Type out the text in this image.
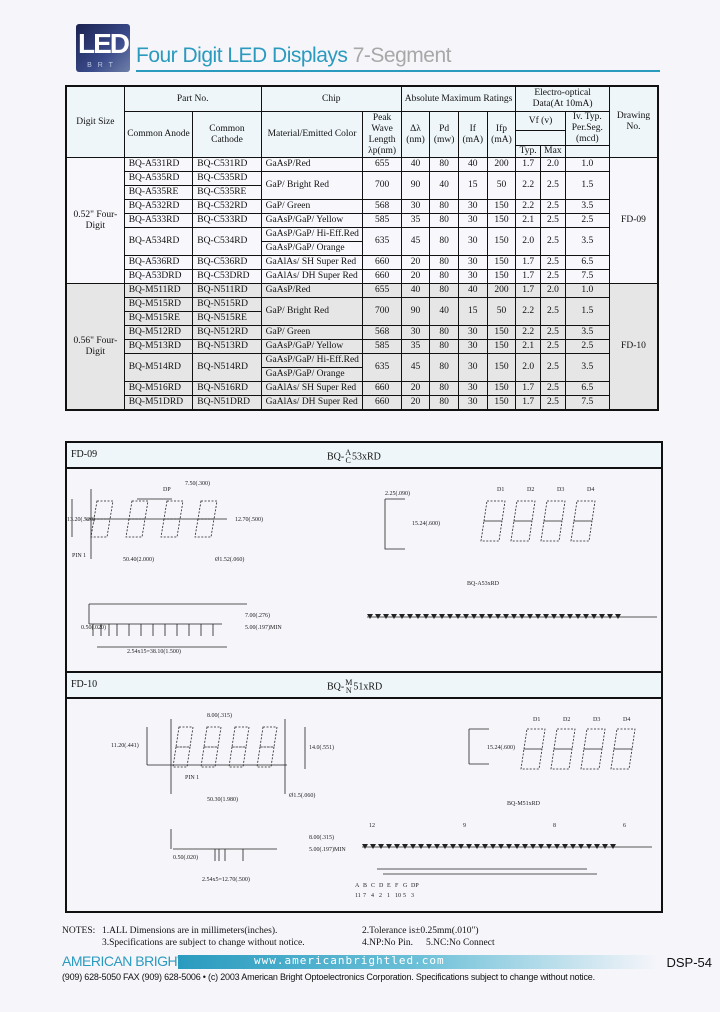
LED
BRT Four Digit LED Displays 7-Segment
Digit Size	Part No.		Chip		Absolute Maximum Ratings				Electro-optical Data(At 10mA)			Drawing No.
	Common Anode	Common Cathode	Material/Emitted Color	Peak Wave Length λp(nm)	Δλ (nm)	Pd (mw)	If (mA)	Ifp (mA)	Vf (v)		Iv. Typ. Per.Seg. (mcd)	

									Typ.	Max		
0.52" Four-Digit	BQ-A531RD	BQ-C531RD	GaAsP/Red	655	40	80	40	200	1.7	2.0	1.0	FD-09
	BQ-A535RD	BQ-C535RD	GaP/ Bright Red	700	90	40	15	50	2.2	2.5	1.5	
	BQ-A535RE	BQ-C535RE										
	BQ-A532RD	BQ-C532RD	GaP/ Green	568	30	80	30	150	2.2	2.5	3.5	
	BQ-A533RD	BQ-C533RD	GaAsP/GaP/ Yellow	585	35	80	30	150	2.1	2.5	2.5	
	BQ-A534RD	BQ-C534RD	GaAsP/GaP/ Hi-Eff.Red	635	45	80	30	150	2.0	2.5	3.5	
			GaAsP/GaP/ Orange									
	BQ-A536RD	BQ-C536RD	GaAlAs/ SH Super Red	660	20	80	30	150	1.7	2.5	6.5	
	BQ-A53DRD	BQ-C53DRD	GaAlAs/ DH Super Red	660	20	80	30	150	1.7	2.5	7.5	
0.56" Four-Digit	BQ-M511RD	BQ-N511RD	GaAsP/Red	655	40	80	40	200	1.7	2.0	1.0	FD-10
	BQ-M515RD	BQ-N515RD	GaP/ Bright Red	700	90	40	15	50	2.2	2.5	1.5	
	BQ-M515RE	BQ-N515RE										
	BQ-M512RD	BQ-N512RD	GaP/ Green	568	30	80	30	150	2.2	2.5	3.5	
	BQ-M513RD	BQ-N513RD	GaAsP/GaP/ Yellow	585	35	80	30	150	2.1	2.5	2.5	
	BQ-M514RD	BQ-N514RD	GaAsP/GaP/ Hi-Eff.Red	635	45	80	30	150	2.0	2.5	3.5	
			GaAsP/GaP/ Orange									
	BQ-M516RD	BQ-N516RD	GaAlAs/ SH Super Red	660	20	80	30	150	1.7	2.5	6.5	
	BQ-M51DRD	BQ-N51DRD	GaAlAs/ DH Super Red	660	20	80	30	150	1.7	2.5	7.5	
FD-09	BQ-A
C53xRD
13.20(.520)	12.70(.500)
50.40(2.000)
7.50(.300)
Ø1.52(.060)
0.50(.020)
7.00(.276)
5.00(.197)MIN
2.54x15=38.10(1.500)
2.25(.090)
15.24(.600)
DP
PIN 1
D1	D2	D3	D4
BQ-A53xRD
FD-10	BQ-M
N 51xRD
11.20(.441)
8.00(.315)
14.0(.551)
50.30(1.980)
Ø1.5(.060)
8.00(.315)
5.00(.197)MIN
2.54x5=12.70(.500)
0.50(.020)
15.24(.600)
PIN 1
D1	D2	D3	D4
BQ-M51xRD
A B C D E F G DP
11 7 4 2 1 10 5 3
12	9	8	6
NOTES: 1.ALL Dimensions are in millimeters(inches).
3.Specifications are subject to change without notice.
2.Tolerance is±0.25mm(.010")
4.NP:No Pin. 5.NC:No Connect
AMERICAN BRIGHT	www.americanbrightled.com	DSP-54
(909) 628-5050 FAX (909) 628-5006 • (c) 2003 American Bright Optoelectronics Corporation. Specifications subject to change without notice.
